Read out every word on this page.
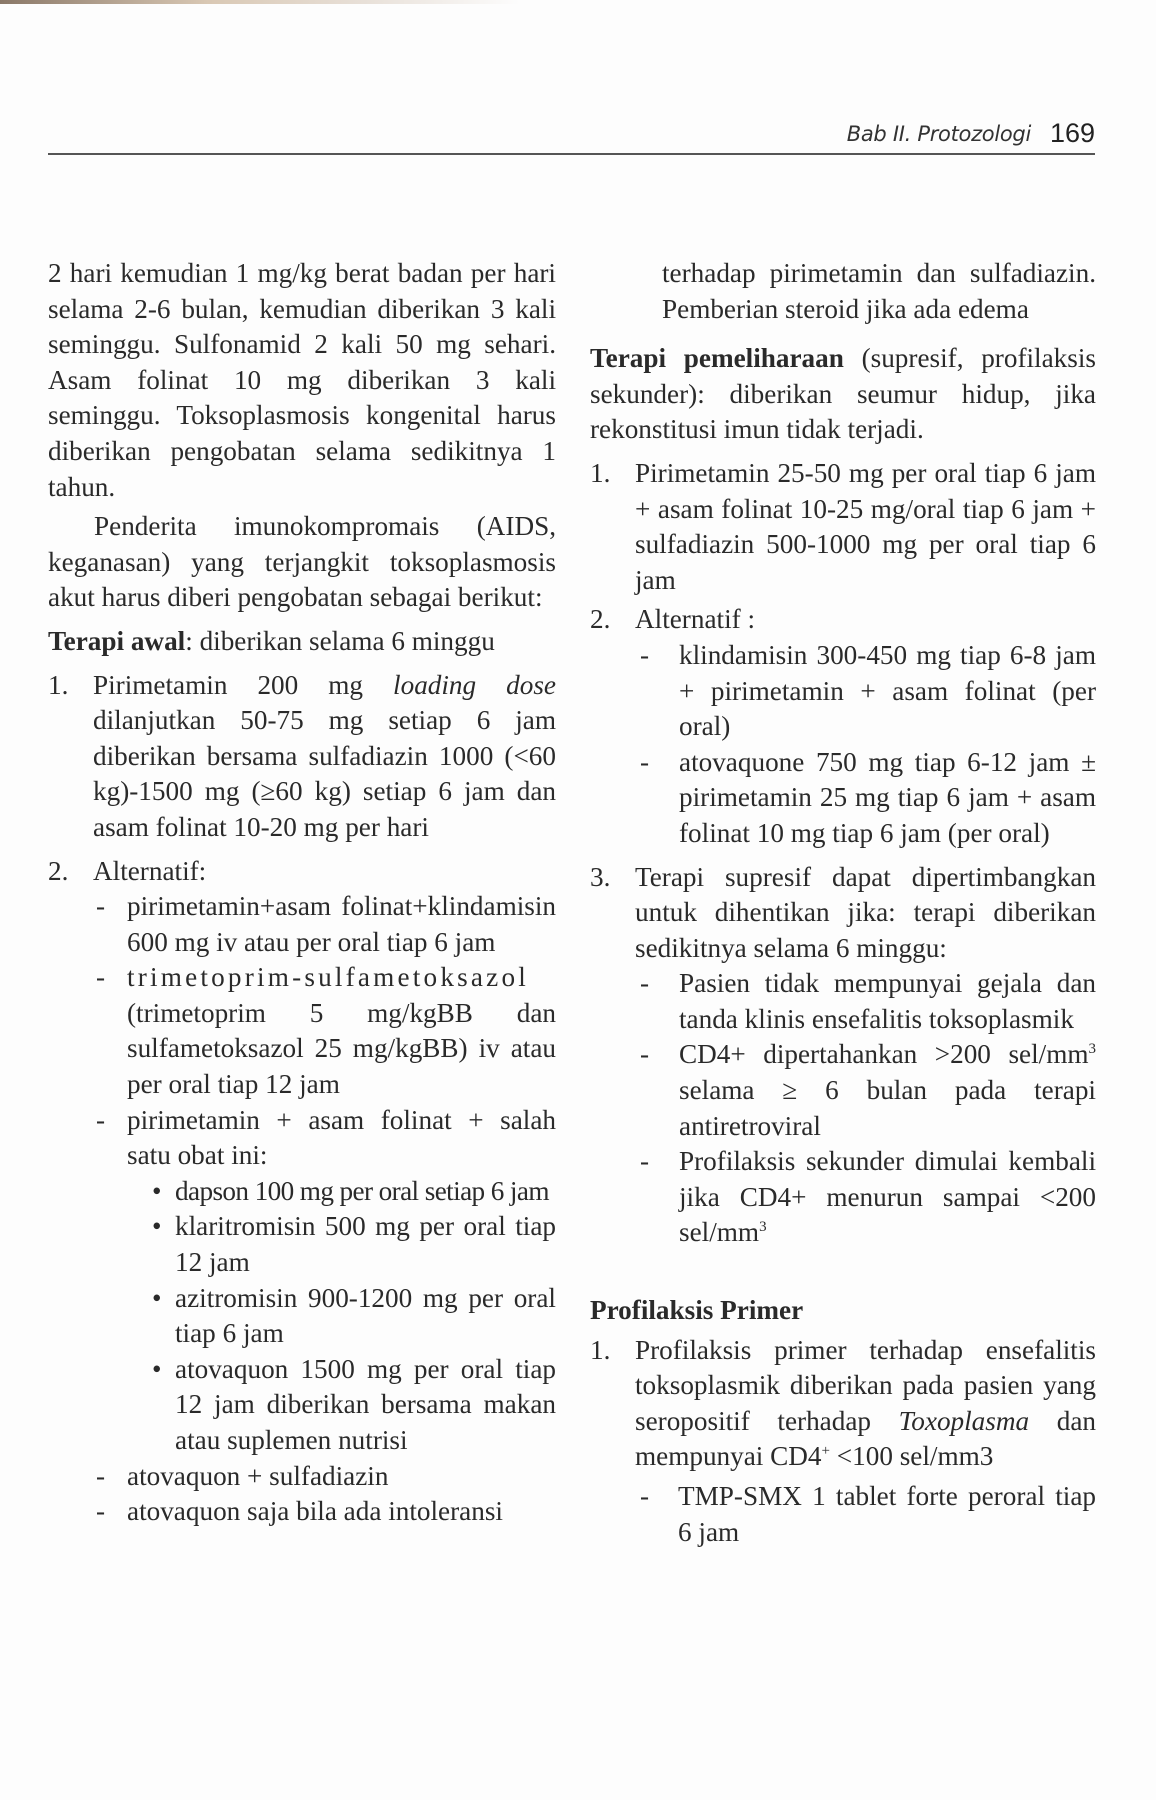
Bab II. Protozologi 169

2 hari kemudian 1 mg/kg berat badan per hari selama 2-6 bulan, kemudian diberikan 3 kali seminggu. Sulfonamid 2 kali 50 mg sehari. Asam folinat 10 mg diberikan 3 kali seminggu. Toksoplasmosis kongenital harus diberikan pengobatan selama sedikitnya 1 tahun.

Penderita imunokompromais (AIDS, keganasan) yang terjangkit toksoplasmosis akut harus diberi pengobatan sebagai berikut:

Terapi awal: diberikan selama 6 minggu

1. Pirimetamin 200 mg loading dose dilanjutkan 50-75 mg setiap 6 jam diberikan bersama sulfadiazin 1000 (<60 kg)-1500 mg (≥60 kg) setiap 6 jam dan asam folinat 10-20 mg per hari
2. Alternatif:
- pirimetamin+asam folinat+klindamisin 600 mg iv atau per oral tiap 6 jam
- trimetoprim-sulfametoksazol
(trimetoprim 5 mg/kgBB dan sulfametoksazol 25 mg/kgBB) iv atau per oral tiap 12 jam
- pirimetamin + asam folinat + salah satu obat ini:
• dapson 100 mg per oral setiap 6 jam
• klaritromisin 500 mg per oral tiap 12 jam
• azitromisin 900-1200 mg per oral tiap 6 jam
• atovaquon 1500 mg per oral tiap 12 jam diberikan bersama makan atau suplemen nutrisi
- atovaquon + sulfadiazin
- atovaquon saja bila ada intoleransi

terhadap pirimetamin dan sulfadiazin. Pemberian steroid jika ada edema

Terapi pemeliharaan (supresif, profilaksis sekunder): diberikan seumur hidup, jika rekonstitusi imun tidak terjadi.

1. Pirimetamin 25-50 mg per oral tiap 6 jam + asam folinat 10-25 mg/oral tiap 6 jam + sulfadiazin 500-1000 mg per oral tiap 6 jam
2. Alternatif :
- klindamisin 300-450 mg tiap 6-8 jam + pirimetamin + asam folinat (per oral)
- atovaquone 750 mg tiap 6-12 jam ± pirimetamin 25 mg tiap 6 jam + asam folinat 10 mg tiap 6 jam (per oral)
3. Terapi supresif dapat dipertimbangkan untuk dihentikan jika: terapi diberikan sedikitnya selama 6 minggu:
- Pasien tidak mempunyai gejala dan tanda klinis ensefalitis toksoplasmik
- CD4+ dipertahankan >200 sel/$mm^3$ selama ≥ 6 bulan pada terapi antiretroviral
- Profilaksis sekunder dimulai kembali jika CD4+ menurun sampai <200 sel/$mm^3$

Profilaksis Primer

1. Profilaksis primer terhadap ensefalitis toksoplasmik diberikan pada pasien yang seropositif terhadap Toxoplasma dan mempunyai CD4+ <100 sel/mm3
- TMP-SMX 1 tablet forte peroral tiap 6 jam
